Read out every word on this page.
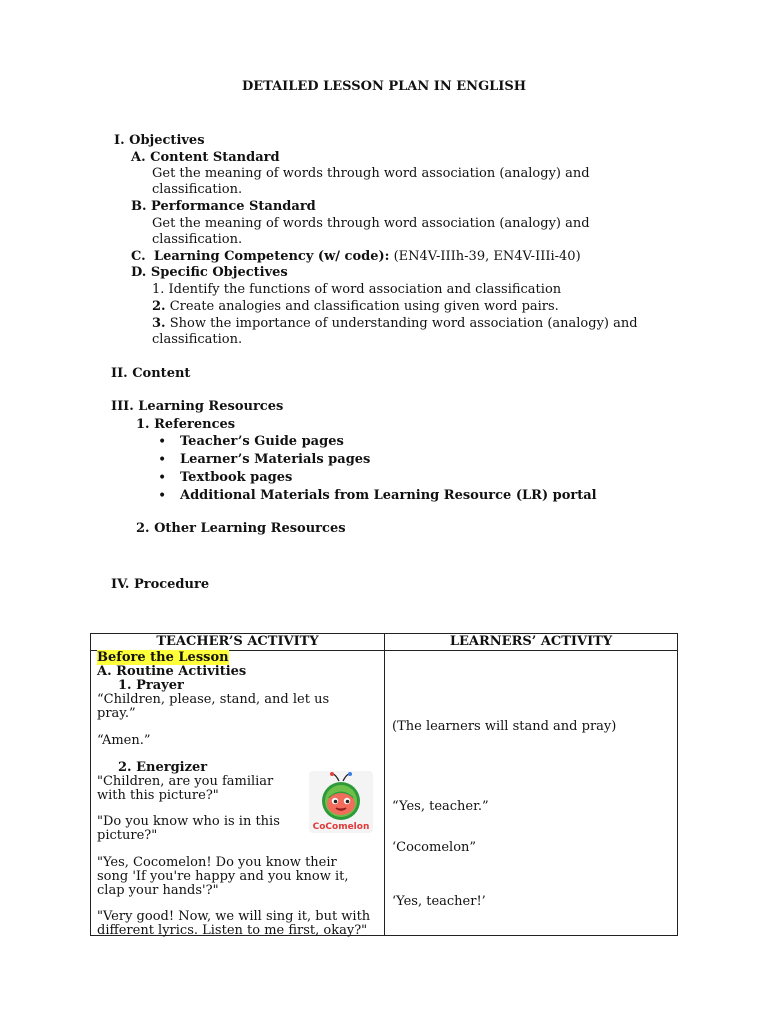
DETAILED LESSON PLAN IN ENGLISH
I. Objectives
A. Content Standard
Get the meaning of words through word association (analogy) and
classification.
B. Performance Standard
Get the meaning of words through word association (analogy) and
classification.
C. Learning Competency (w/ code): (EN4V-IIIh-39, EN4V-IIIi-40)
D. Specific Objectives
1. Identify the functions of word association and classification
2. Create analogies and classification using given word pairs.
3. Show the importance of understanding word association (analogy) and
classification.
II. Content
III. Learning Resources
1. References
• Teacher’s Guide pages
• Learner’s Materials pages
• Textbook pages
• Additional Materials from Learning Resource (LR) portal
2. Other Learning Resources
IV. Procedure
TEACHER’S ACTIVITY	LEARNERS’ ACTIVITY
Before the Lesson
A. Routine Activities
1. Prayer
“Children, please, stand, and let us
pray.”
“Amen.”
2. Energizer
"Children, are you familiar
with this picture?"
"Do you know who is in this
picture?"
"Yes, Cocomelon! Do you know their
song 'If you're happy and you know it,
clap your hands'?"
"Very good! Now, we will sing it, but with
different lyrics. Listen to me first, okay?"
(The learners will stand and pray)
“Yes, teacher.”
‘Cocomelon”
‘Yes, teacher!’
CoComelon
